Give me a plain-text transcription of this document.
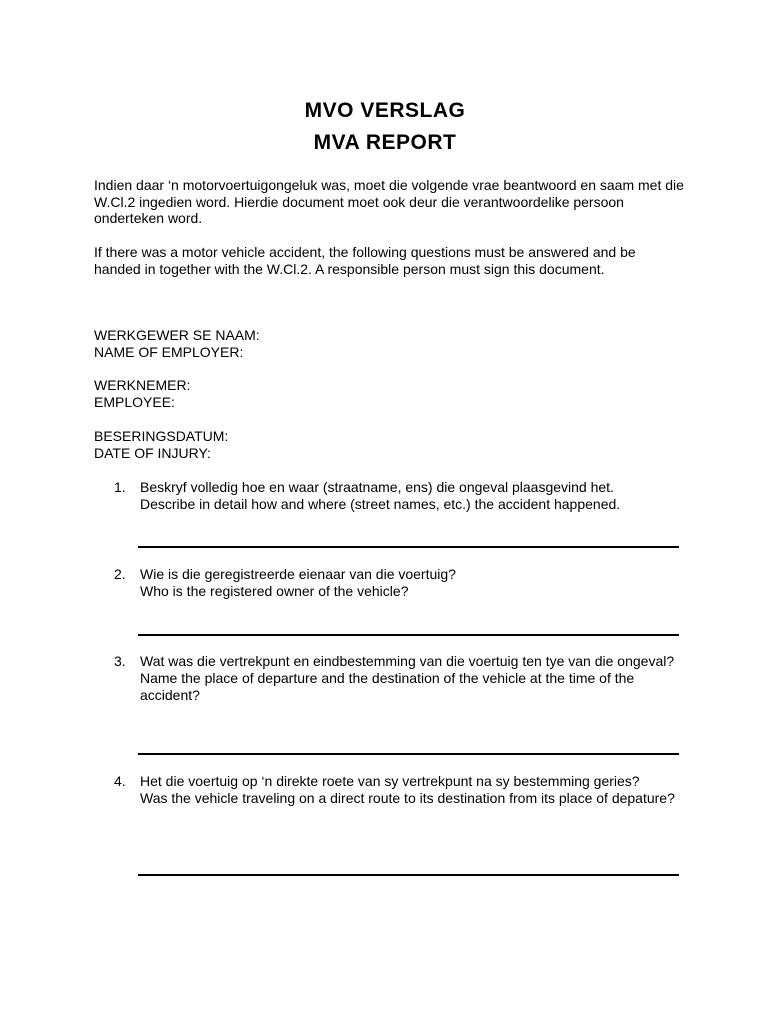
MVO VERSLAG
MVA REPORT

Indien daar ‘n motorvoertuigongeluk was, moet die volgende vrae beantwoord en saam met die W.Cl.2 ingedien word. Hierdie document moet ook deur die verantwoordelike persoon onderteken word.

If there was a motor vehicle accident, the following questions must be answered and be handed in together with the W.Cl.2. A responsible person must sign this document.

WERKGEWER SE NAAM:
NAME OF EMPLOYER:
WERKNEMER:
EMPLOYEE:
BESERINGSDATUM:
DATE OF INJURY:
1.	Beskryf volledig hoe en waar (straatname, ens) die ongeval plaasgevind het.

Describe in detail how and where (street names, etc.) the accident happened.

2.	Wie is die geregistreerde eienaar van die voertuig?

Who is the registered owner of the vehicle?

3.	Wat was die vertrekpunt en eindbestemming van die voertuig ten tye van die ongeval?

Name the place of departure and the destination of the vehicle at the time of the accident?

4.	Het die voertuig op ‘n direkte roete van sy vertrekpunt na sy bestemming geries?

Was the vehicle traveling on a direct route to its destination from its place of depature?
